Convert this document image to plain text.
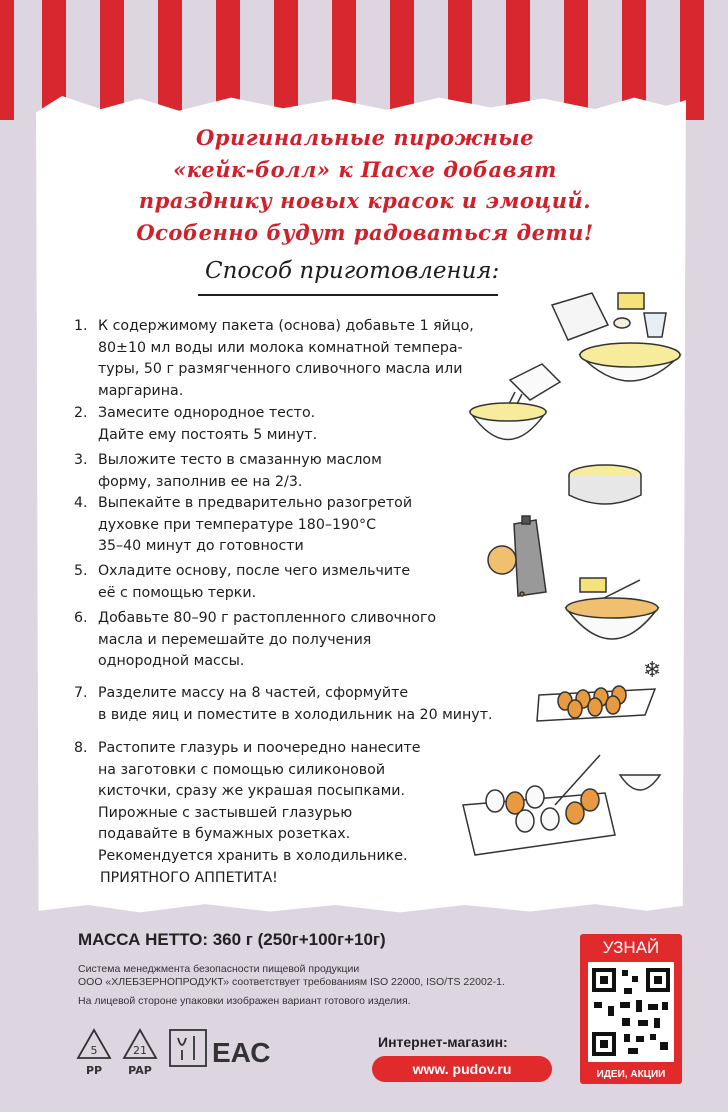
Оригинальные пирожные
«кейк-болл» к Пасхе добавят
празднику новых красок и эмоций.
Особенно будут радоваться дети!
Способ приготовления:
1. К содержимому пакета (основа) добавьте 1 яйцо,
80±10 мл воды или молока комнатной темпера-
туры, 50 г размягченного сливочного масла или
маргарина.
2. Замесите однородное тесто.
Дайте ему постоять 5 минут.
3. Выложите тесто в смазанную маслом
форму, заполнив ее на 2/3.
4. Выпекайте в предварительно разогретой
духовке при температуре 180–190°С
35–40 минут до готовности
5. Охладите основу, после чего измельчите
её с помощью терки.
6. Добавьте 80–90 г растопленного сливочного
масла и перемешайте до получения
однородной массы.
7. Разделите массу на 8 частей, сформуйте
в виде яиц и поместите в холодильник на 20 минут.
8. Растопите глазурь и поочередно нанесите
на заготовки с помощью силиконовой
кисточки, сразу же украшая посыпками.
Пирожные с застывшей глазурью
подавайте в бумажных розетках.
Рекомендуется хранить в холодильнике.
ПРИЯТНОГО АППЕТИТА!
❄
МАССА НЕТТО: 360 г (250г+100г+10г)
Система менеджмента безопасности пищевой продукции
ООО «ХЛЕБЗЕРНОПРОДУКТ» соответствует требованиям ISO 22000, ISO/TS 22002-1.
На лицевой стороне упаковки изображен вариант готового изделия.
5
PP
21
PAP
ЕАС	Интернет-магазин:
www. pudov.ru
УЗНАЙ
ИДЕИ, АКЦИИ
